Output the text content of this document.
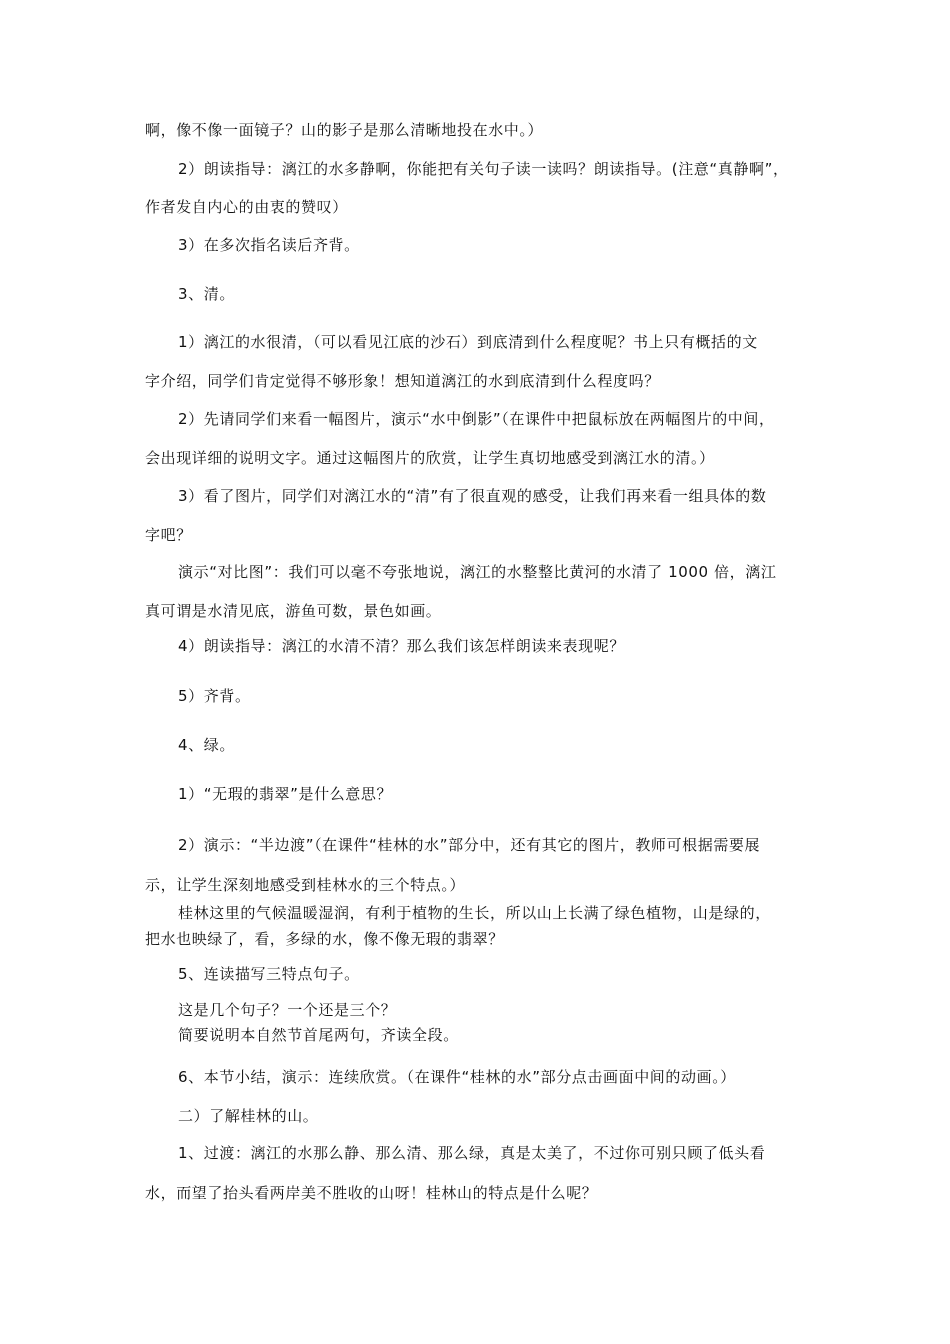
啊，像不像一面镜子？山的影子是那么清晰地投在水中。）
2）朗读指导：漓江的水多静啊，你能把有关句子读一读吗？朗读指导。(注意“真静啊”，
作者发自内心的由衷的赞叹）
3）在多次指名读后齐背。
3、清。
1）漓江的水很清，（可以看见江底的沙石）到底清到什么程度呢？书上只有概括的文
字介绍，同学们肯定觉得不够形象！想知道漓江的水到底清到什么程度吗？
2）先请同学们来看一幅图片，演示“水中倒影”（在课件中把鼠标放在两幅图片的中间，
会出现详细的说明文字。通过这幅图片的欣赏，让学生真切地感受到漓江水的清。）
3）看了图片，同学们对漓江水的“清”有了很直观的感受，让我们再来看一组具体的数
字吧？
演示“对比图”：我们可以毫不夸张地说，漓江的水整整比黄河的水清了 1000 倍，漓江
真可谓是水清见底，游鱼可数，景色如画。
4）朗读指导：漓江的水清不清？那么我们该怎样朗读来表现呢？
5）齐背。
4、绿。
1）“无瑕的翡翠”是什么意思？
2）演示：“半边渡”（在课件“桂林的水”部分中，还有其它的图片，教师可根据需要展
示，让学生深刻地感受到桂林水的三个特点。）
桂林这里的气候温暖湿润，有利于植物的生长，所以山上长满了绿色植物，山是绿的，
把水也映绿了，看，多绿的水，像不像无瑕的翡翠？
5、连读描写三特点句子。
这是几个句子？一个还是三个？
简要说明本自然节首尾两句，齐读全段。
6、本节小结，演示：连续欣赏。（在课件“桂林的水”部分点击画面中间的动画。）
二）了解桂林的山。
1、过渡：漓江的水那么静、那么清、那么绿，真是太美了，不过你可别只顾了低头看
水，而望了抬头看两岸美不胜收的山呀！桂林山的特点是什么呢？
